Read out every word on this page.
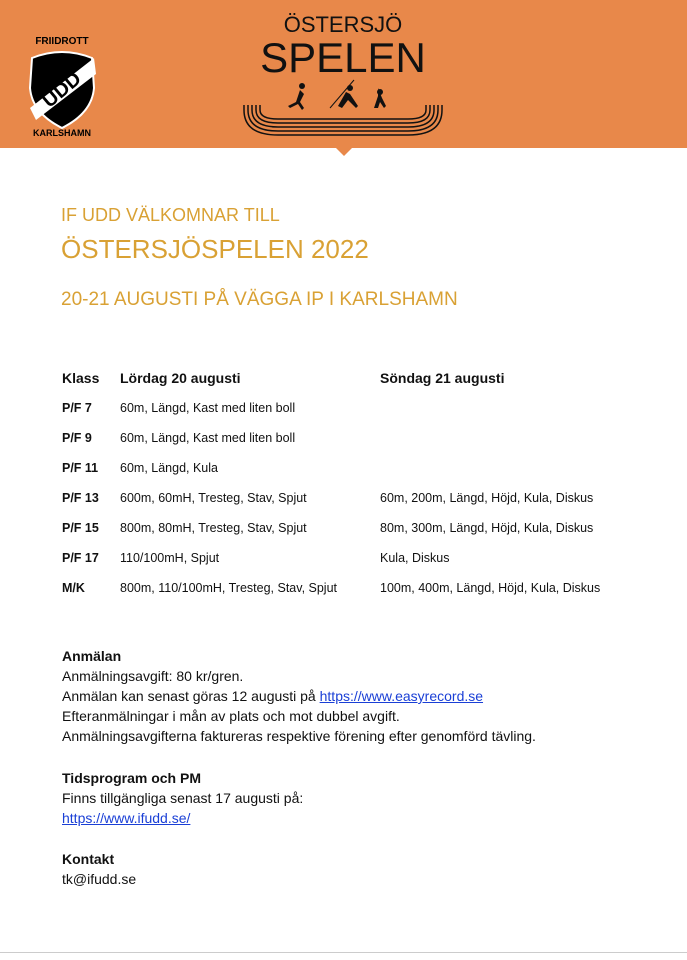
FRIIDROTT
UDD
KARLSHAMN
ÖSTERSJÖ
SPELEN
IF UDD VÄLKOMNAR TILL
ÖSTERSJÖSPELEN 2022
20-21 AUGUSTI PÅ VÄGGA IP I KARLSHAMN
Klass Lördag 20 augusti	Söndag 21 augusti
P/F 7 60m, Längd, Kast med liten boll
P/F 9 60m, Längd, Kast med liten boll
P/F 11 60m, Längd, Kula
P/F 13 600m, 60mH, Tresteg, Stav, Spjut	60m, 200m, Längd, Höjd, Kula, Diskus
P/F 15 800m, 80mH, Tresteg, Stav, Spjut	80m, 300m, Längd, Höjd, Kula, Diskus
P/F 17 110/100mH, Spjut	Kula, Diskus
M/K	800m, 110/100mH, Tresteg, Stav, Spjut	100m, 400m, Längd, Höjd, Kula, Diskus
Anmälan
Anmälningsavgift: 80 kr/gren.
Anmälan kan senast göras 12 augusti på https://www.easyrecord.se
Efteranmälningar i mån av plats och mot dubbel avgift.
Anmälningsavgifterna faktureras respektive förening efter genomförd tävling.
Tidsprogram och PM
Finns tillgängliga senast 17 augusti på:
https://www.ifudd.se/
Kontakt
tk@ifudd.se
